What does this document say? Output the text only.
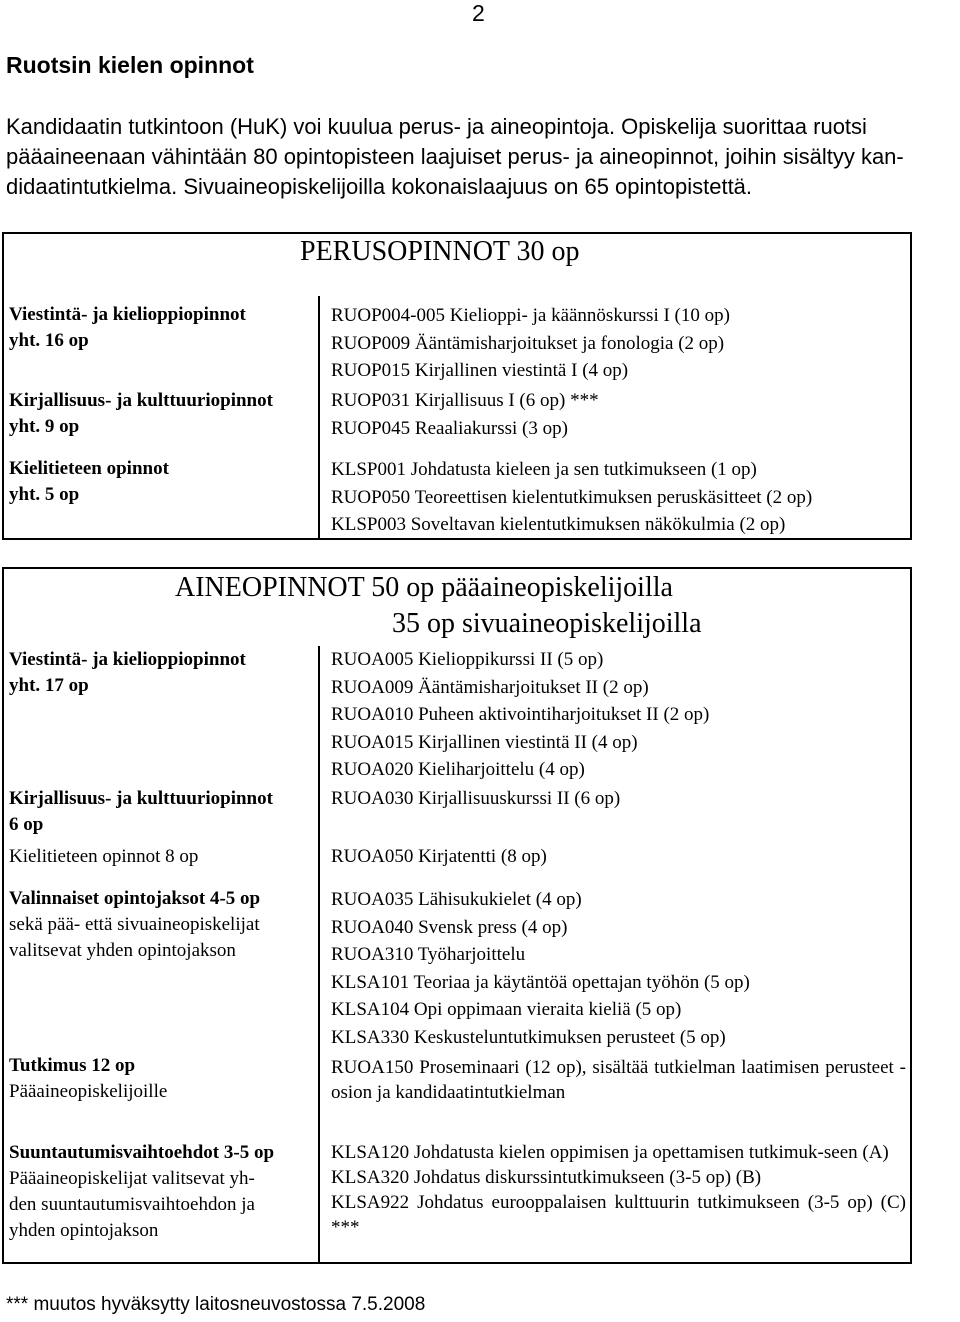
2
Ruotsin kielen opinnot
Kandidaatin tutkintoon (HuK) voi kuulua perus- ja aineopintoja. Opiskelija suorittaa ruotsi
pääaineenaan vähintään 80 opintopisteen laajuiset perus- ja aineopinnot, joihin sisältyy kan-
didaatintutkielma. Sivuaineopiskelijoilla kokonaislaajuus on 65 opintopistettä.
PERUSOPINNOT 30 op
Viestintä- ja kielioppiopinnot
yht. 16 op
RUOP004-005 Kielioppi- ja käännöskurssi I (10 op)
RUOP009 Ääntämisharjoitukset ja fonologia (2 op)
RUOP015 Kirjallinen viestintä I (4 op)
Kirjallisuus- ja kulttuuriopinnot
yht. 9 op
RUOP031 Kirjallisuus I (6 op) ***
RUOP045 Reaaliakurssi (3 op)
Kielitieteen opinnot
yht. 5 op
KLSP001 Johdatusta kieleen ja sen tutkimukseen (1 op)
RUOP050 Teoreettisen kielentutkimuksen peruskäsitteet (2 op)
KLSP003 Soveltavan kielentutkimuksen näkökulmia (2 op)
AINEOPINNOT 50 op pääaineopiskelijoilla
35 op sivuaineopiskelijoilla
Viestintä- ja kielioppiopinnot
yht. 17 op
RUOA005 Kielioppikurssi II (5 op)
RUOA009 Ääntämisharjoitukset II (2 op)
RUOA010 Puheen aktivointiharjoitukset II (2 op)
RUOA015 Kirjallinen viestintä II (4 op)
RUOA020 Kieliharjoittelu (4 op)
Kirjallisuus- ja kulttuuriopinnot
6 op
RUOA030 Kirjallisuuskurssi II (6 op)
Kielitieteen opinnot 8 op	RUOA050 Kirjatentti (8 op)
Valinnaiset opintojaksot 4-5 op
sekä pää- että sivuaineopiskelijat
valitsevat yhden opintojakson
RUOA035 Lähisukukielet (4 op)
RUOA040 Svensk press (4 op)
RUOA310 Työharjoittelu
KLSA101 Teoriaa ja käytäntöä opettajan työhön (5 op)
KLSA104 Opi oppimaan vieraita kieliä (5 op)
KLSA330 Keskusteluntutkimuksen perusteet (5 op)
Tutkimus 12 op
Pääaineopiskelijoille
RUOA150 Proseminaari (12 op), sisältää tutkielman laatimisen perusteet -osion ja kandidaatintutkielman
Suuntautumisvaihtoehdot 3-5 op
Pääaineopiskelijat valitsevat yh-
den suuntautumisvaihtoehdon ja
yhden opintojakson
KLSA120 Johdatusta kielen oppimisen ja opettamisen tutkimuk-seen (A)
KLSA320 Johdatus diskurssintutkimukseen (3-5 op) (B)
KLSA922 Johdatus eurooppalaisen kulttuurin tutkimukseen (3-5 op) (C) ***
*** muutos hyväksytty laitosneuvostossa 7.5.2008
